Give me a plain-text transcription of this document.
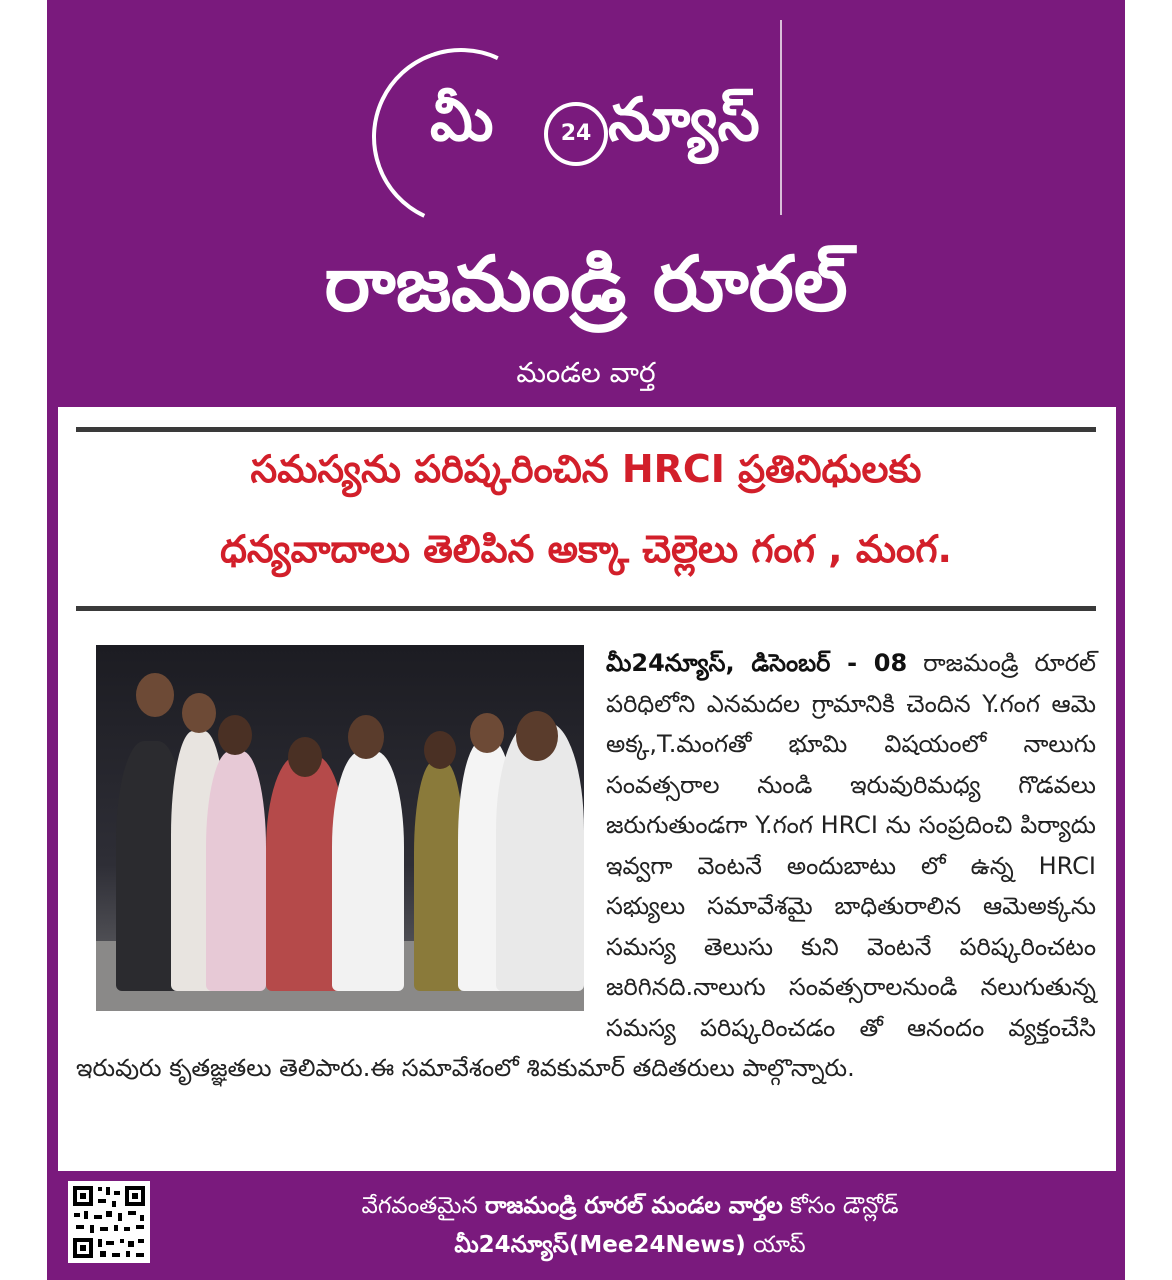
మీ	24 న్యూస్
రాజమండ్రి రూరల్
మండల వార్త
సమస్యను పరిష్కరించిన HRCI ప్రతినిధులకు
ధన్యవాదాలు తెలిపిన అక్కా చెల్లెలు గంగ , మంగ.
మీ24న్యూస్, డిసెంబర్ - 08 రాజమండ్రి రూరల్ పరిధిలోని ఎనమదల గ్రామానికి చెందిన Y.గంగ ఆమె అక్క,T.మంగతో భూమి విషయంలో నాలుగు సంవత్సరాల నుండి ఇరువురిమధ్య గొడవలు జరుగుతుండగా Y.గంగ HRCI ను సంప్రదించి పిర్యాదు ఇవ్వగా వెంటనే అందుబాటు లో ఉన్న HRCI సభ్యులు సమావేశమై బాధితురాలిన ఆమెఅక్కను సమస్య తెలుసు కుని వెంటనే పరిష్కరించటం జరిగినది.నాలుగు సంవత్సరాలనుండి నలుగుతున్న సమస్య పరిష్కరించడం తో ఆనందం వ్యక్తంచేసి ఇరువురు కృతజ్ఞతలు తెలిపారు.ఈ సమావేశంలో శివకుమార్ తదితరులు పాల్గొన్నారు.
వేగవంతమైన రాజమండ్రి రూరల్ మండల వార్తల కోసం డౌన్లోడ్
మీ24న్యూస్(Mee24News) యాప్
